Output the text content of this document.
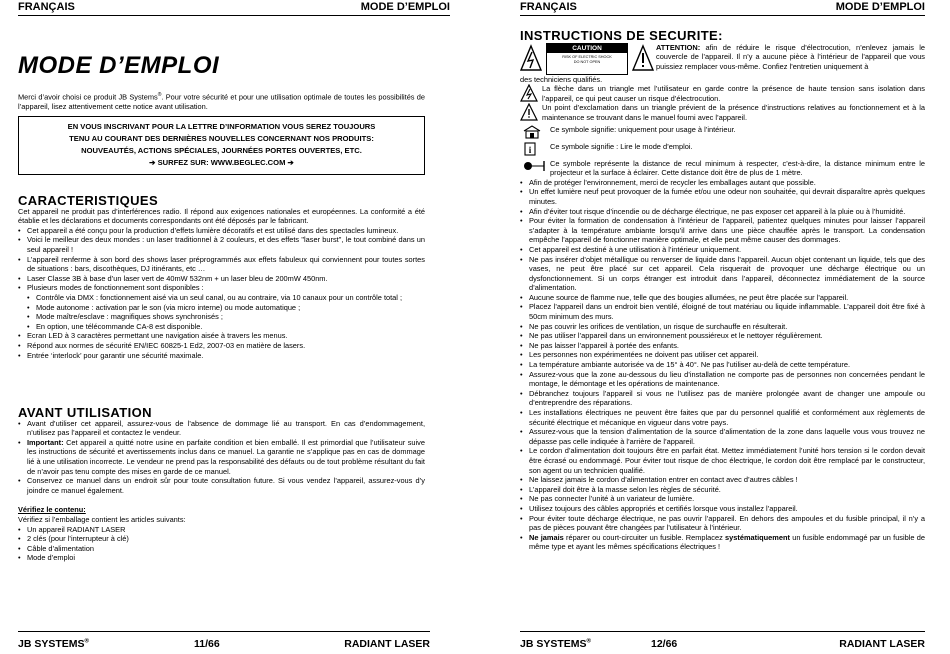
FRANÇAIS	MODE D’EMPLOI
MODE D’EMPLOI
Merci d’avoir choisi ce produit JB Systems®. Pour votre sécurité et pour une utilisation optimale de toutes les possibilités de l’appareil, lisez attentivement cette notice avant utilisation.
EN VOUS INSCRIVANT POUR LA LETTRE D’INFORMATION VOUS SEREZ TOUJOURS
TENU AU COURANT DES DERNIÈRES NOUVELLES CONCERNANT NOS PRODUITS:
NOUVEAUTÉS, ACTIONS SPÉCIALES, JOURNÉES PORTES OUVERTES, ETC.
➔ SURFEZ SUR: WWW.BEGLEC.COM ➔
CARACTERISTIQUES
Cet appareil ne produit pas d’interférences radio. Il répond aux exigences nationales et européennes. La conformité a été établie et les déclarations et documents correspondants ont été déposés par le fabricant.
• Cet appareil a été conçu pour la production d’effets lumière décoratifs et est utilisé dans des spectacles lumineux.
• Voici le meilleur des deux mondes : un laser traditionnel à 2 couleurs, et des effets "laser burst", le tout combiné dans un seul appareil !
• L’appareil renferme à son bord des shows laser préprogrammés aux effets fabuleux qui conviennent pour toutes sortes de situations : bars, discothèques, DJ itinérants, etc …
• Laser Classe 3B à base d’un laser vert de 40mW 532nm + un laser bleu de 200mW 450nm.
• Plusieurs modes de fonctionnement sont disponibles :
• Contrôle via DMX : fonctionnement aisé via un seul canal, ou au contraire, via 10 canaux pour un contrôle total ;
• Mode autonome : activation par le son (via micro interne) ou mode automatique ;
• Mode maître/esclave : magnifiques shows synchronisés ;
• En option, une télécommande CA-8 est disponible.
• Ecran LED à 3 caractères permettant une navigation aisée à travers les menus.
• Répond aux normes de sécurité EN/IEC 60825-1 Ed2, 2007-03 en matière de lasers.
• Entrée ‘interlock’ pour garantir une sécurité maximale.
AVANT UTILISATION
• Avant d’utiliser cet appareil, assurez-vous de l’absence de dommage lié au transport. En cas d’endommagement, n’utilisez pas l’appareil et contactez le vendeur.
• Important: Cet appareil a quitté notre usine en parfaite condition et bien emballé. Il est primordial que l’utilisateur suive les instructions de sécurité et avertissements inclus dans ce manuel. La garantie ne s’applique pas en cas de dommage lié à une utilisation incorrecte. Le vendeur ne prend pas la responsabilité des défauts ou de tout problème résultant du fait de n’avoir pas tenu compte des mises en garde de ce manuel.
• Conservez ce manuel dans un endroit sûr pour toute consultation future. Si vous vendez l’appareil, assurez-vous d’y joindre ce manuel également.
Vérifiez le contenu:
Vérifiez si l’emballage contient les articles suivants:
• Un appareil RADIANT LASER
• 2 clés (pour l’interrupteur à clé)
• Câble d’alimentation
• Mode d’emploi
JB SYSTEMS®	11/66	RADIANT LASER
FRANÇAIS	MODE D’EMPLOI
INSTRUCTIONS DE SECURITE:
CAUTION
RISK OF ELECTRIC SHOCK
DO NOT OPEN
ATTENTION: afin de réduire le risque d’électrocution, n’enlevez jamais le couvercle de l’appareil. Il n’y a aucune pièce à l’intérieur de l’appareil que vous puissiez remplacer vous-même. Confiez l’entretien uniquement à
des techniciens qualifiés.
La flèche dans un triangle met l’utilisateur en garde contre la présence de haute tension sans isolation dans l’appareil, ce qui peut causer un risque d’électrocution.
Un point d’exclamation dans un triangle prévient de la présence d’instructions relatives au fonctionnement et à la maintenance se trouvant dans le manuel fourni avec l’appareil.
Ce symbole signifie: uniquement pour usage à l’intérieur.
i	Ce symbole signifie : Lire le mode d’emploi.
Ce symbole représente la distance de recul minimum à respecter, c’est-à-dire, la distance minimum entre le projecteur et la surface à éclairer. Cette distance doit être de plus de 1 mètre.
• Afin de protéger l’environnement, merci de recycler les emballages autant que possible.
• Un effet lumière neuf peut provoquer de la fumée et/ou une odeur non souhaitée, qui devrait disparaître après quelques minutes.
• Afin d’éviter tout risque d’incendie ou de décharge électrique, ne pas exposer cet appareil à la pluie ou à l’humidité.
• Pour éviter la formation de condensation à l’intérieur de l’appareil, patientez quelques minutes pour laisser l’appareil s’adapter à la température ambiante lorsqu’il arrive dans une pièce chauffée après le transport. La condensation empêche l’appareil de fonctionner manière optimale, et elle peut même causer des dommages.
• Cet appareil est destiné à une utilisation à l’intérieur uniquement.
• Ne pas insérer d’objet métallique ou renverser de liquide dans l’appareil. Aucun objet contenant un liquide, tels que des vases, ne peut être placé sur cet appareil. Cela risquerait de provoquer une décharge électrique ou un dysfonctionnement. Si un corps étranger est introduit dans l’appareil, déconnectez immédiatement de la source d’alimentation.
• Aucune source de flamme nue, telle que des bougies allumées, ne peut être placée sur l’appareil.
• Placez l’appareil dans un endroit bien ventilé, éloigné de tout matériau ou liquide inflammable. L’appareil doit être fixé à 50cm minimum des murs.
• Ne pas couvrir les orifices de ventilation, un risque de surchauffe en résulterait.
• Ne pas utiliser l’appareil dans un environnement poussiéreux et le nettoyer régulièrement.
• Ne pas laisser l’appareil à portée des enfants.
• Les personnes non expérimentées ne doivent pas utiliser cet appareil.
• La température ambiante autorisée va de 15° à 40°. Ne pas l’utiliser au-delà de cette température.
• Assurez-vous que la zone au-dessous du lieu d’installation ne comporte pas de personnes non concernées pendant le montage, le démontage et les opérations de maintenance.
• Débranchez toujours l’appareil si vous ne l’utilisez pas de manière prolongée avant de changer une ampoule ou d’entreprendre des réparations.
• Les installations électriques ne peuvent être faites que par du personnel qualifié et conformément aux règlements de sécurité électrique et mécanique en vigueur dans votre pays.
• Assurez-vous que la tension d’alimentation de la source d’alimentation de la zone dans laquelle vous vous trouvez ne dépasse pas celle indiquée à l’arrière de l’appareil.
• Le cordon d’alimentation doit toujours être en parfait état. Mettez immédiatement l’unité hors tension si le cordon devait être écrasé ou endommagé. Pour éviter tout risque de choc électrique, le cordon doit être remplacé par le constructeur, son agent ou un technicien qualifié.
• Ne laissez jamais le cordon d’alimentation entrer en contact avec d’autres câbles !
• L’appareil doit être à la masse selon les règles de sécurité.
• Ne pas connecter l’unité à un variateur de lumière.
• Utilisez toujours des câbles appropriés et certifiés lorsque vous installez l’appareil.
• Pour éviter toute décharge électrique, ne pas ouvrir l’appareil. En dehors des ampoules et du fusible principal, il n’y a pas de pièces pouvant être changées par l’utilisateur à l’intérieur.
• Ne jamais réparer ou court-circuiter un fusible. Remplacez systématiquement un fusible endommagé par un fusible de même type et ayant les mêmes spécifications électriques !
JB SYSTEMS®	12/66	RADIANT LASER
